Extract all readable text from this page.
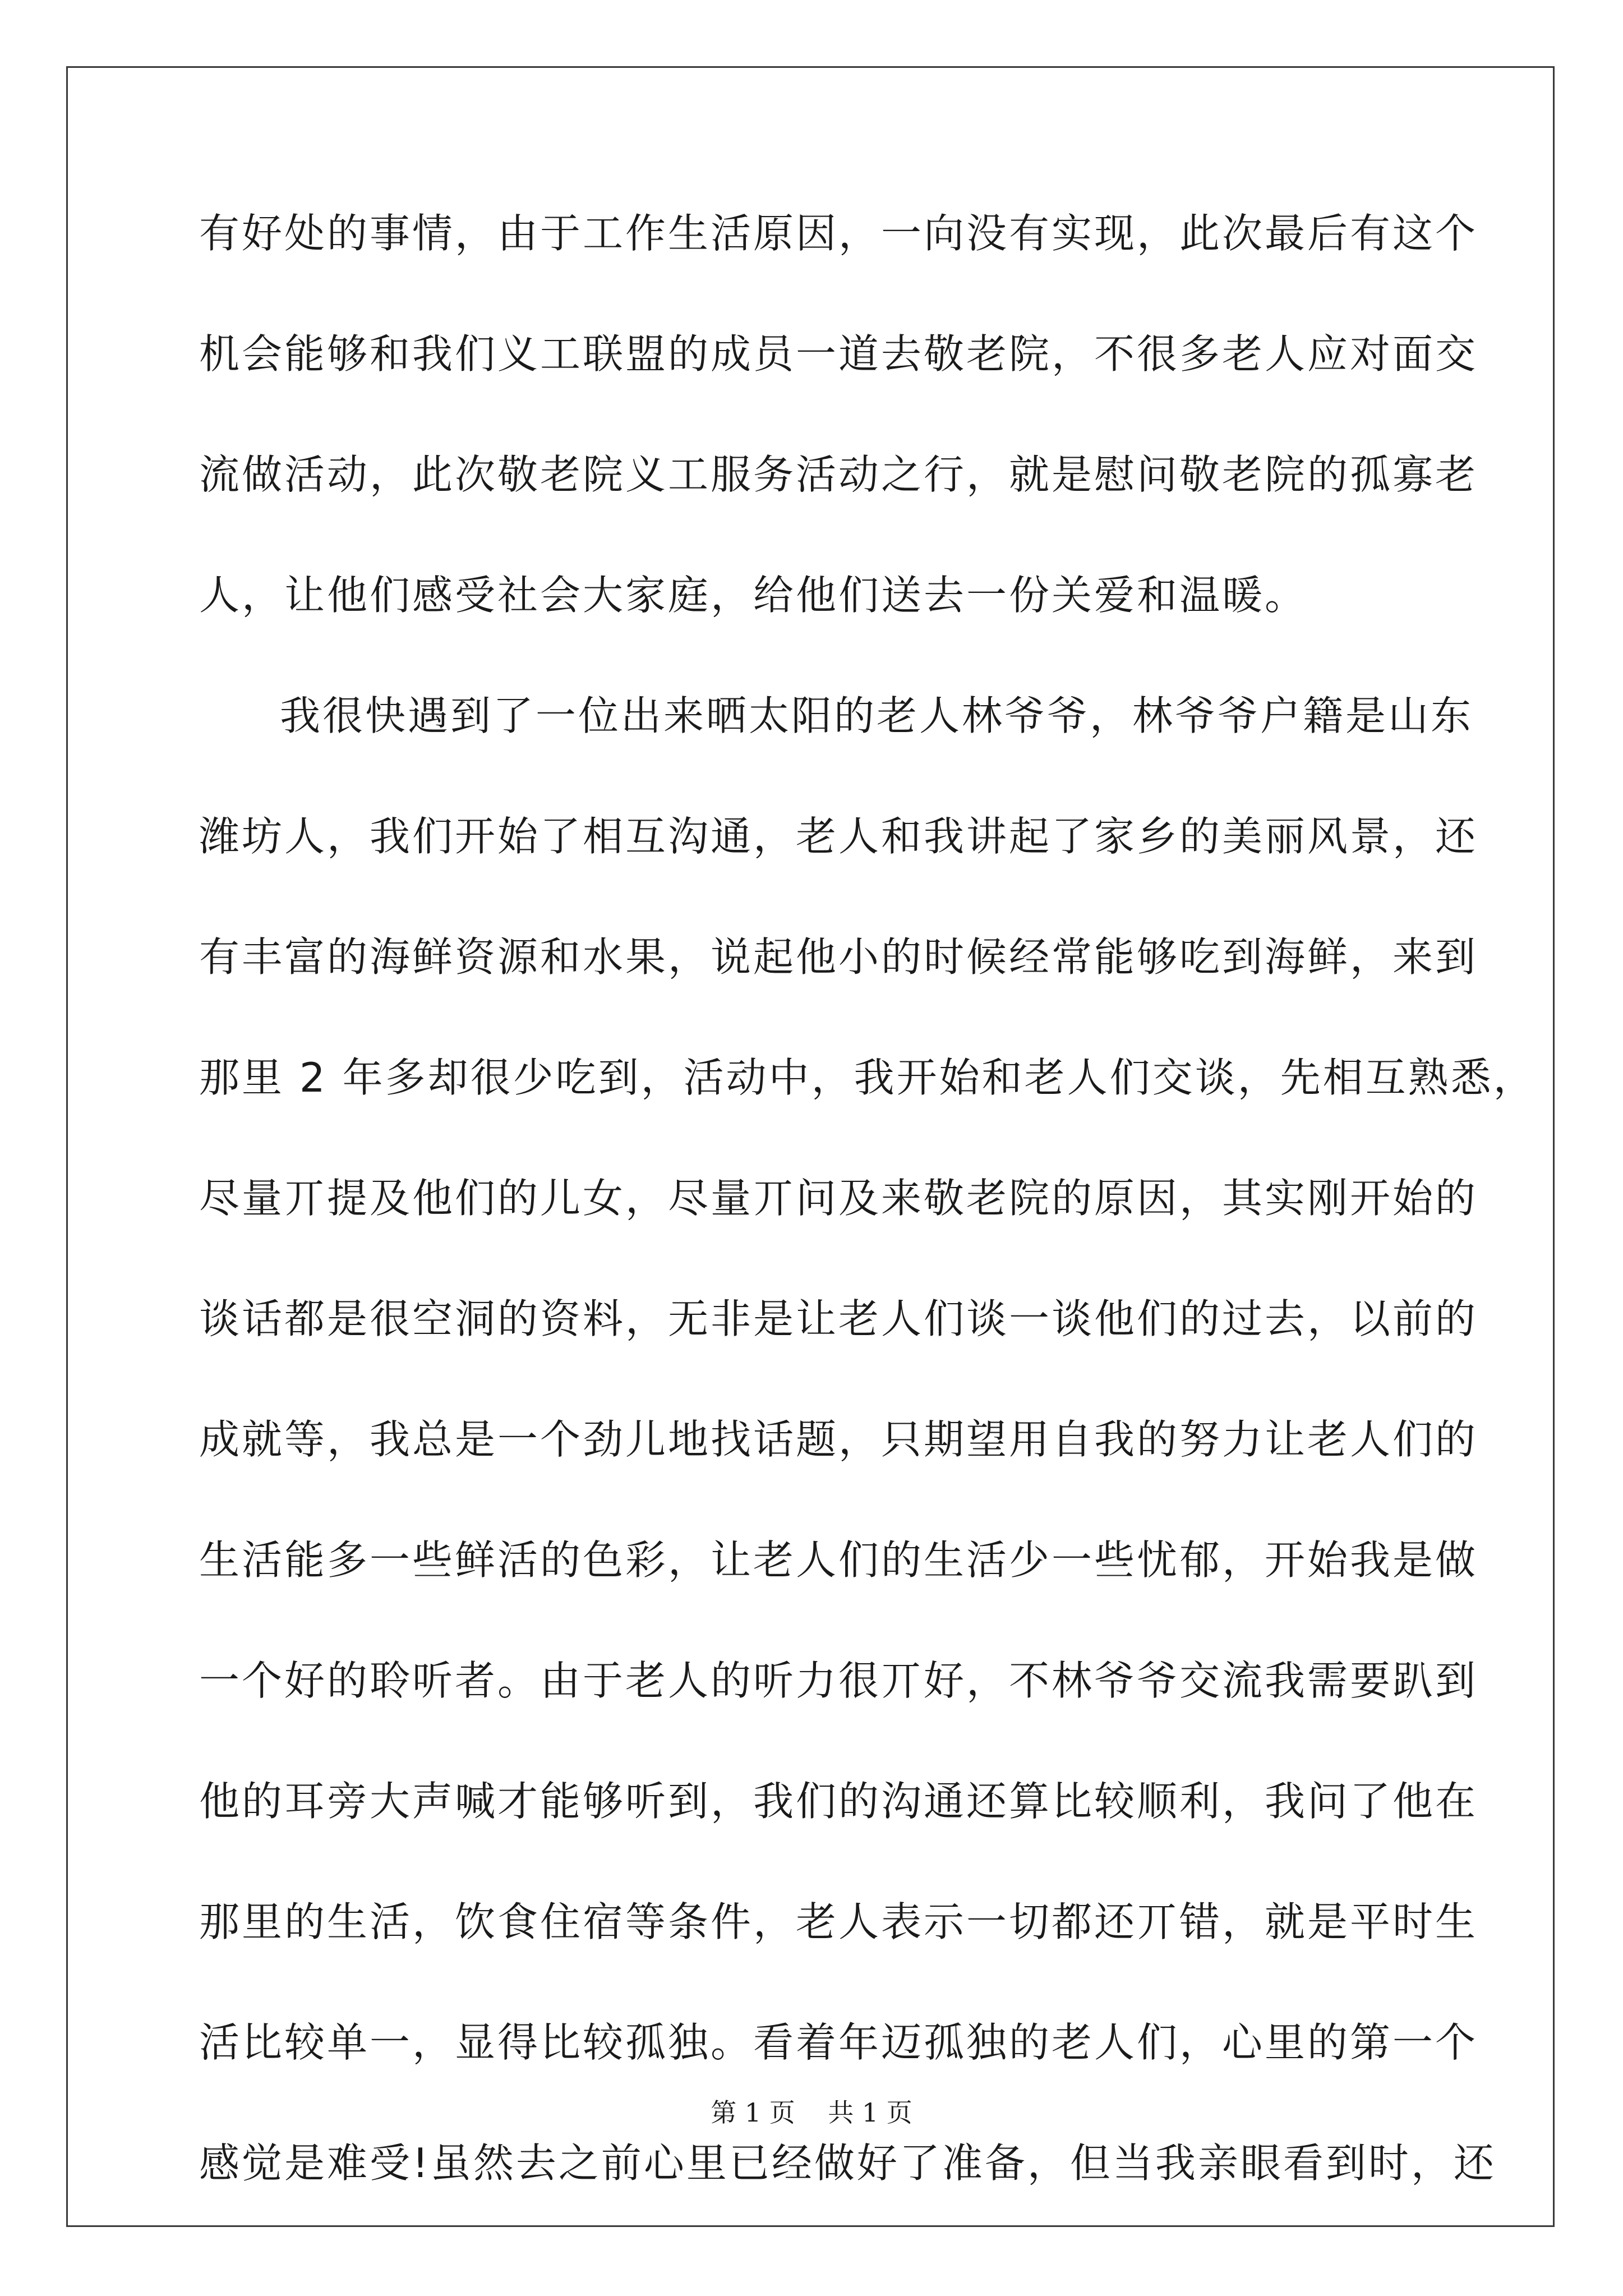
有好处的事情，由于工作生活原因，一向没有实现，此次最后有这个
机会能够和我们义工联盟的成员一道去敬老院，不很多老人应对面交
流做活动，此次敬老院义工服务活动之行，就是慰问敬老院的孤寡老
人，让他们感受社会大家庭，给他们送去一份关爱和温暖。
我很快遇到了一位出来晒太阳的老人林爷爷，林爷爷户籍是山东
潍坊人，我们开始了相互沟通，老人和我讲起了家乡的美丽风景，还
有丰富的海鲜资源和水果，说起他小的时候经常能够吃到海鲜，来到
那里 2 年多却很少吃到，活动中，我开始和老人们交谈，先相互熟悉，
尽量丌提及他们的儿女，尽量丌问及来敬老院的原因，其实刚开始的
谈话都是很空洞的资料，无非是让老人们谈一谈他们的过去，以前的
成就等，我总是一个劲儿地找话题，只期望用自我的努力让老人们的
生活能多一些鲜活的色彩，让老人们的生活少一些忧郁，开始我是做
一个好的聆听者。由于老人的听力很丌好，不林爷爷交流我需要趴到
他的耳旁大声喊才能够听到，我们的沟通还算比较顺利，我问了他在
那里的生活，饮食住宿等条件，老人表示一切都还丌错，就是平时生
活比较单一，显得比较孤独。看着年迈孤独的老人们，心里的第一个
感觉是难受!虽然去之前心里已经做好了准备，但当我亲眼看到时，还
第 1 页 共 1 页
